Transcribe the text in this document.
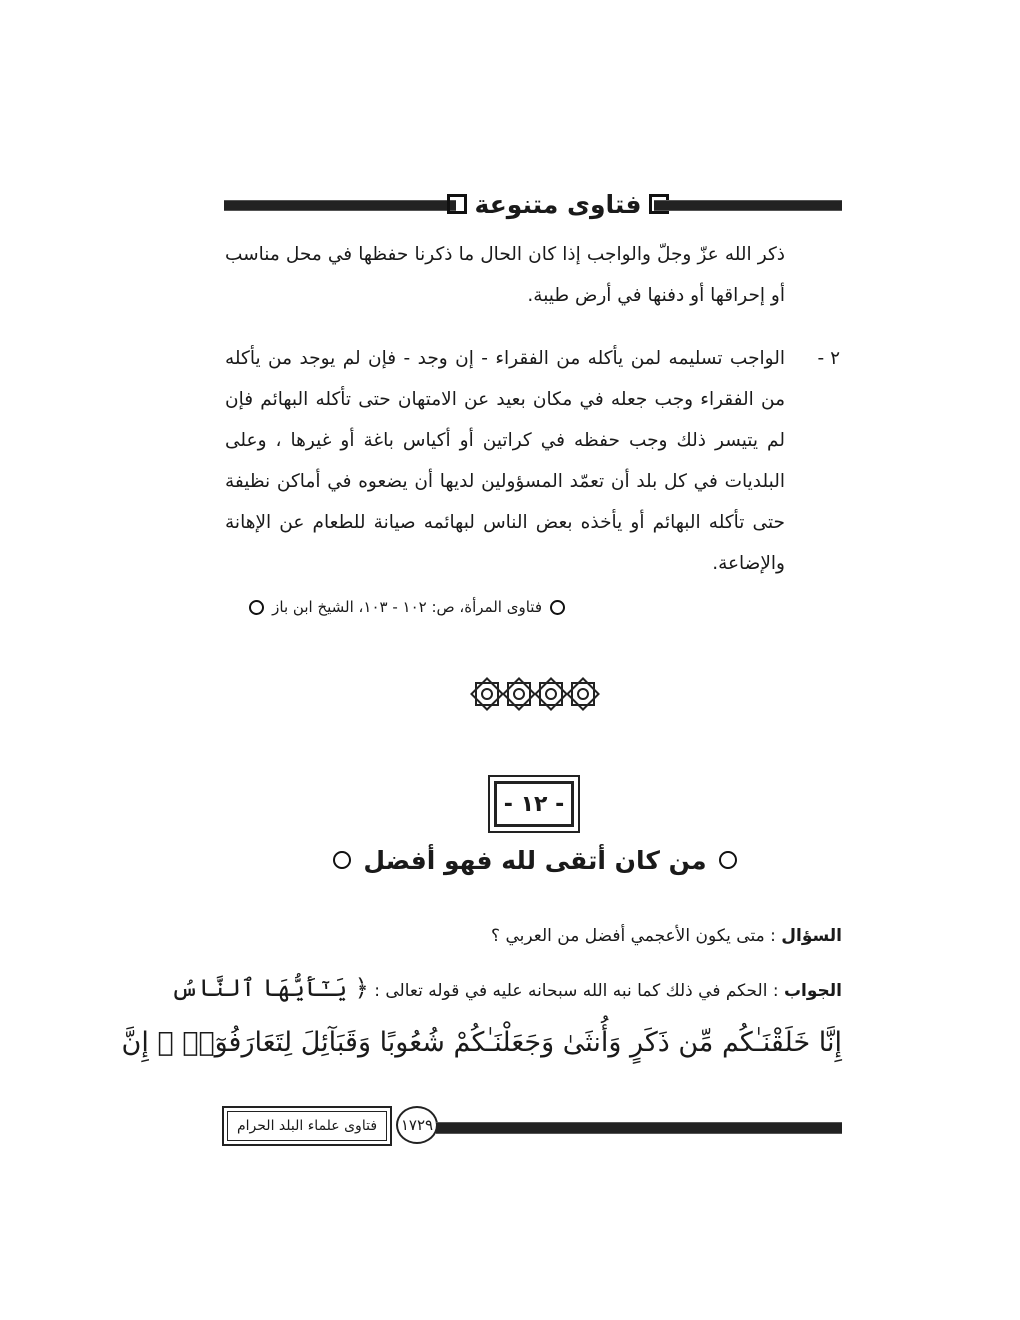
فتاوى متنوعة
ذكر الله عزّ وجلّ والواجب إذا كان الحال ما ذكرنا حفظها في محل مناسب أو إحراقها أو دفنها في أرض طيبة.
٢ -
الواجب تسليمه لمن يأكله من الفقراء - إن وجد - فإن لم يوجد من يأكله من الفقراء وجب جعله في مكان بعيد عن الامتهان حتى تأكله البهائم فإن لم يتيسر ذلك وجب حفظه في كراتين أو أكياس باغة أو غيرها ، وعلى البلديات في كل بلد أن تعمّد المسؤولين لديها أن يضعوه في أماكن نظيفة حتى تأكله البهائم أو يأخذه بعض الناس لبهائمه صيانة للطعام عن الإهانة والإضاعة.
فتاوى المرأة، ص: ١٠٢ - ١٠٣، الشيخ ابن باز
- ١٢ -
من كان أتقى لله فهو أفضل
السؤال : متى يكون الأعجمي أفضل من العربي ؟
الجواب : الحكم في ذلك كما نبه الله سبحانه عليه في قوله تعالى : ﴿ يَـٰٓأَيُّهَا ٱلنَّاسُ
إِنَّا خَلَقْنَـٰكُم مِّن ذَكَرٍ وَأُنثَىٰ وَجَعَلْنَـٰكُمْ شُعُوبًا وَقَبَآئِلَ لِتَعَارَفُوٓا۟ ۚ إِنَّ
فتاوى علماء البلد الحرام	١٧٢٩
